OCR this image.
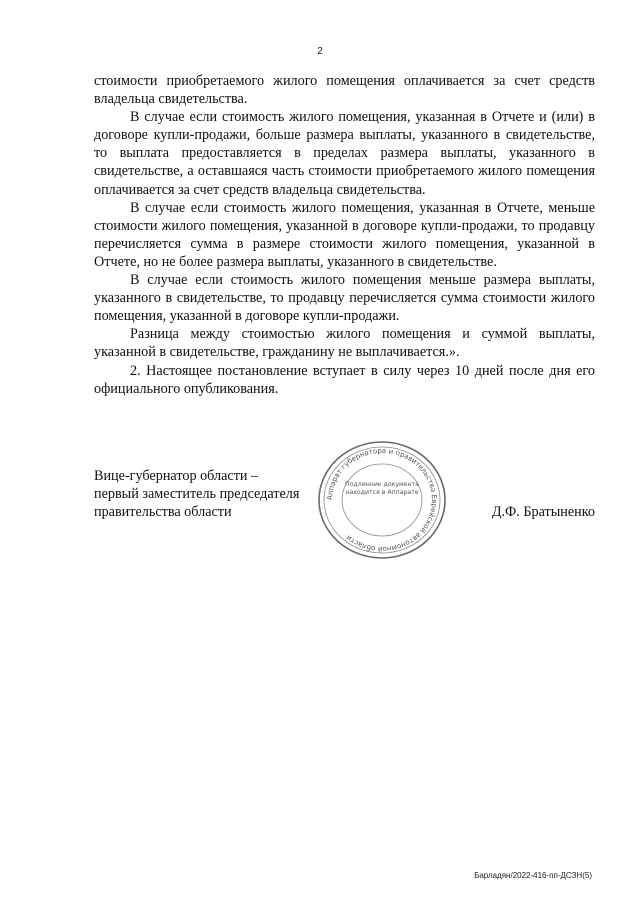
2

стоимости приобретаемого жилого помещения оплачивается за счет средств владельца свидетельства.

В случае если стоимость жилого помещения, указанная в Отчете и (или) в договоре купли-продажи, больше размера выплаты, указанного в свидетельстве, то выплата предоставляется в пределах размера выплаты, указанного в свидетельстве, а оставшаяся часть стоимости приобретаемого жилого помещения оплачивается за счет средств владельца свидетельства.

В случае если стоимость жилого помещения, указанная в Отчете, меньше стоимости жилого помещения, указанной в договоре купли-продажи, то продавцу перечисляется сумма в размере стоимости жилого помещения, указанной в Отчете, но не более размера выплаты, указанного в свидетельстве.

В случае если стоимость жилого помещения меньше размера выплаты, указанного в свидетельстве, то продавцу перечисляется сумма стоимости жилого помещения, указанной в договоре купли-продажи.

Разница между стоимостью жилого помещения и суммой выплаты, указанной в свидетельстве, гражданину не выплачивается.».

2. Настоящее постановление вступает в силу через 10 дней после дня его официального опубликования.

Вице-губернатор области –
первый заместитель председателя
правительства области
Аппарат губернатора и правительства Еврейской автономной области
Подлинник документа находится в Аппарате
Д.Ф. Братыненко
Барладян/2022-416-пп-ДСЗН(5)
